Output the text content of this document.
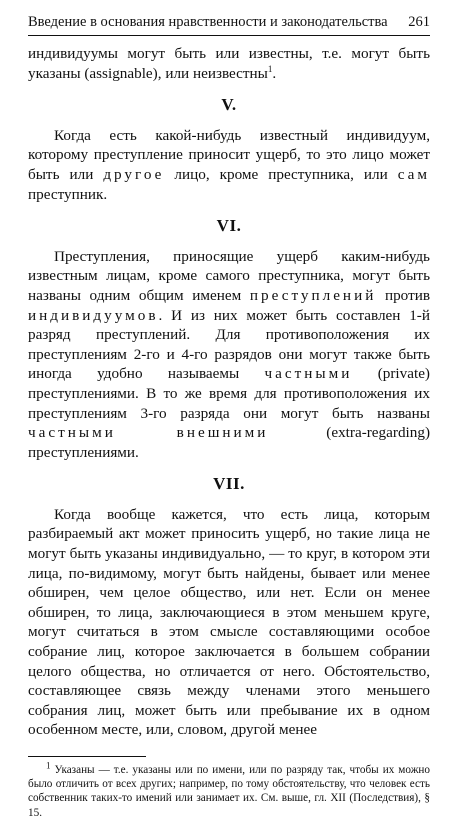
Введение в основания нравственности и законодательства 261

индивидуумы могут быть или известны, т.е. могут быть указаны (assignable), или неизвестны$^1$.

V.

Когда есть какой-нибудь известный индивидуум, которому преступление приносит ущерб, то это лицо может быть или другое лицо, кроме преступника, или сам преступник.

VI.

Преступления, приносящие ущерб каким-нибудь известным лицам, кроме самого преступника, могут быть названы одним общим именем преступлений против индивидуумов. И из них может быть составлен 1-й разряд преступлений. Для противоположения их преступлениям 2-го и 4-го разрядов они могут также быть иногда удобно называемы частными (private) преступлениями. В то же время для противоположения их преступлениям 3-го разряда они могут быть названы частными внешними (extra-regarding) преступлениями.

VII.

Когда вообще кажется, что есть лица, которым разбираемый акт может приносить ущерб, но такие лица не могут быть указаны индивидуально, — то круг, в котором эти лица, по-видимому, могут быть найдены, бывает или менее обширен, чем целое общество, или нет. Если он менее обширен, то лица, заключающиеся в этом меньшем круге, могут считаться в этом смысле составляющими особое собрание лиц, которое заключается в большем собрании целого общества, но отличается от него. Обстоятельство, составляющее связь между членами этого меньшего собрания лиц, может быть или пребывание их в одном особенном месте, или, словом, другой менее

$^1$ Указаны — т.е. указаны или по имени, или по разряду так, чтобы их можно было отличить от всех других; например, по тому обстоятельству, что человек есть собственник таких-то имений или занимает их. См. выше, гл. XII (Последствия), § 15.
